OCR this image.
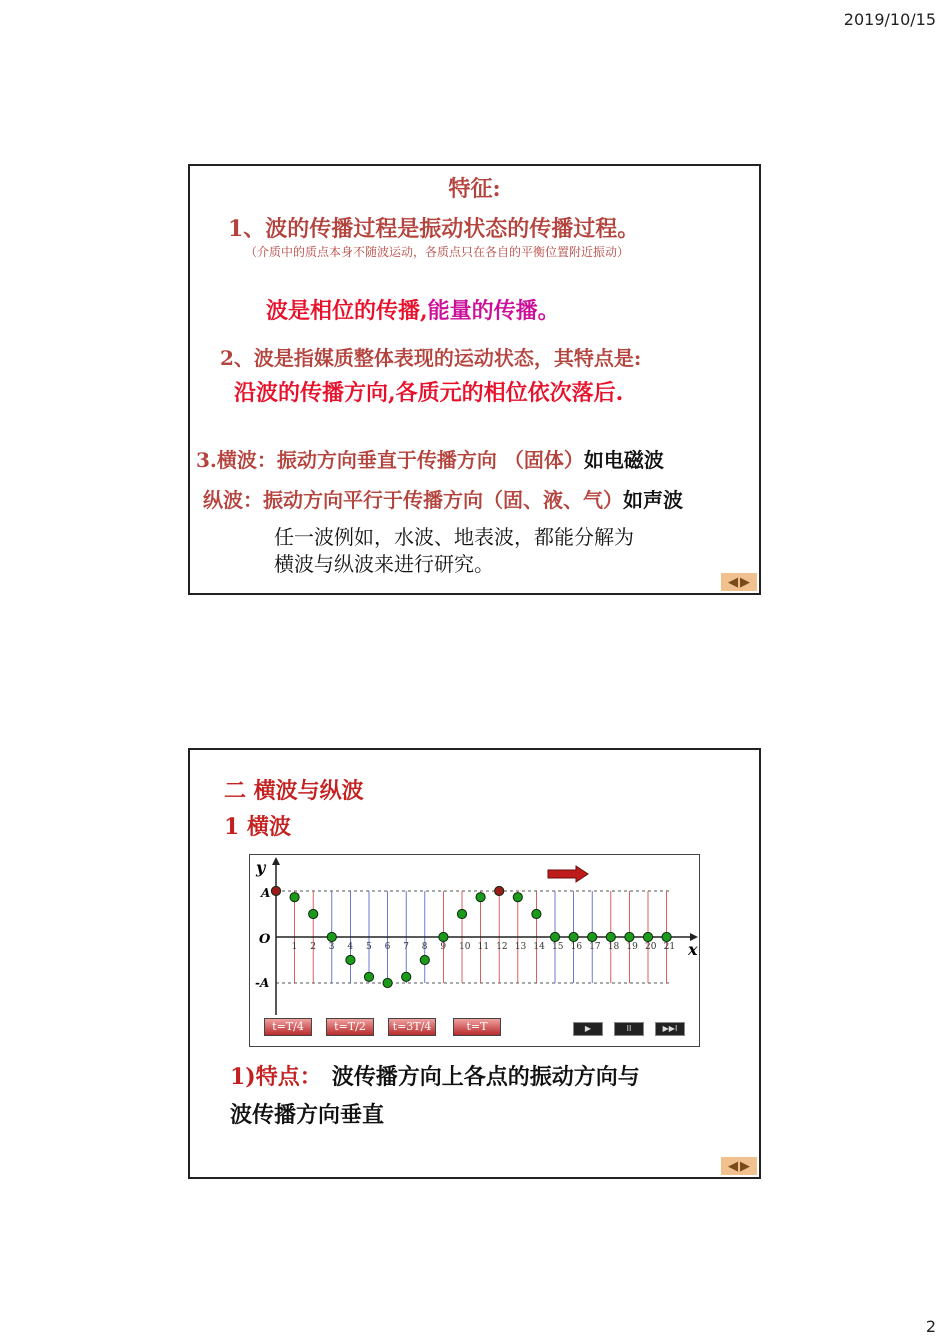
2019/10/15
特征:
1、波的传播过程是振动状态的传播过程。
（介质中的质点本身不随波运动，各质点只在各自的平衡位置附近振动）
波是相位的传播,能量的传播。
2、波是指媒质整体表现的运动状态，其特点是:
沿波的传播方向,各质元的相位依次落后.
3.横波：振动方向垂直于传播方向 （固体）如电磁波
纵波：振动方向平行于传播方向（固、液、气）如声波
任一波例如，水波、地表波，都能分解为
横波与纵波来进行研究。
◀ ▶
二 横波与纵波
1 横波
y
x
A
O
-A
1 2 3 4 5 6 7 8 9 10 11 12 13 14 15 16 17 18 19 20 21
t=T/4	t=T/2	t=3T/4	t=T	▶	II	▶▶I
1)特点： 波传播方向上各点的振动方向与
波传播方向垂直
◀ ▶
2
